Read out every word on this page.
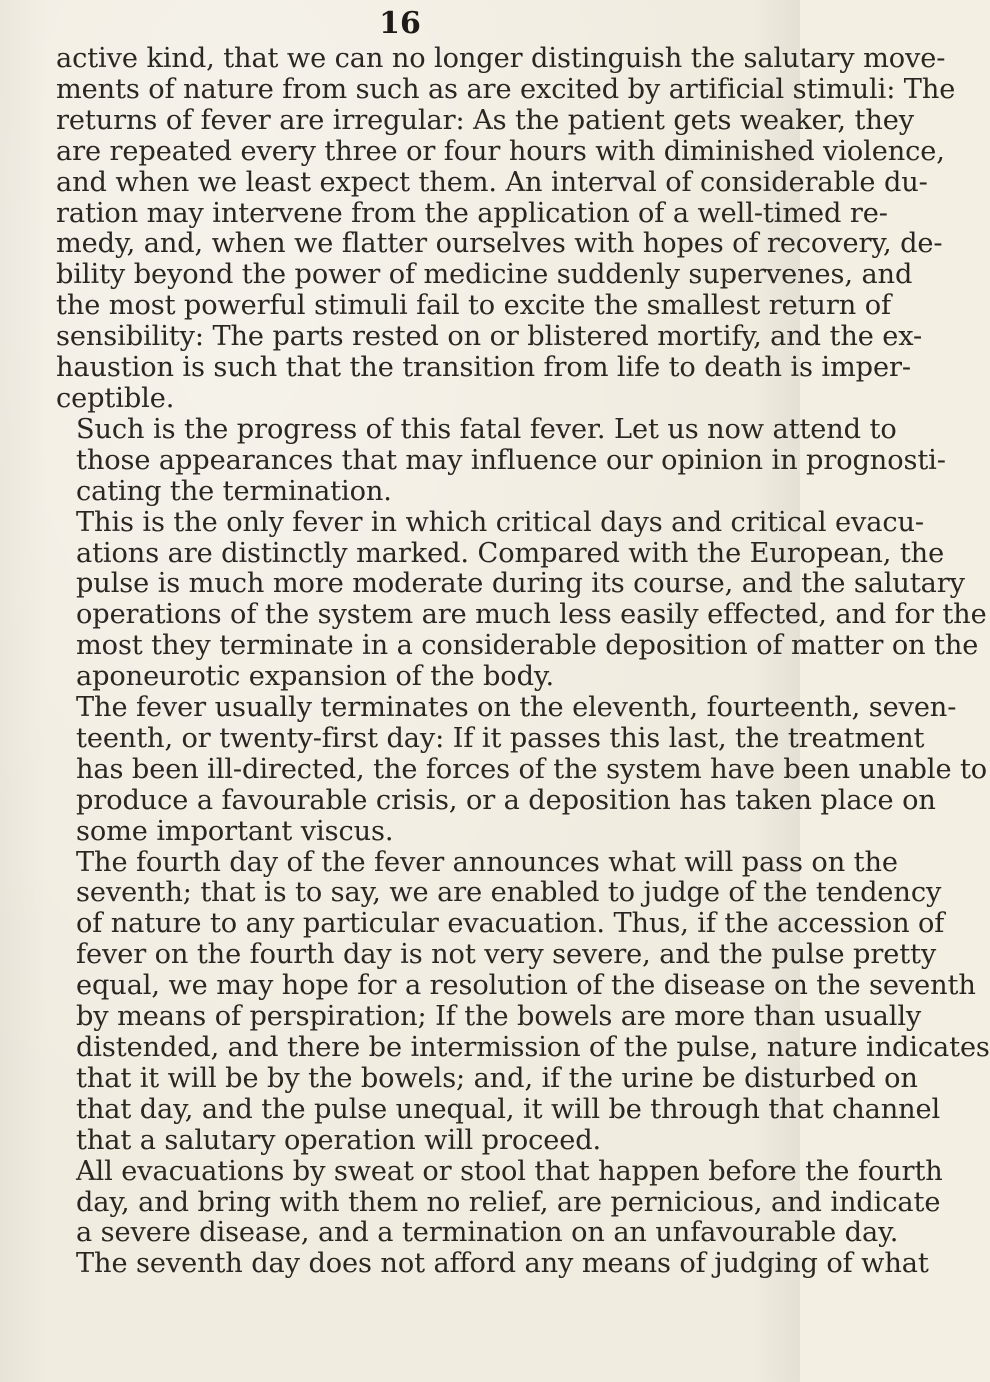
16

active kind, that we can no longer distinguish the salutary move-
ments of nature from such as are excited by artificial stimuli: The
returns of fever are irregular: As the patient gets weaker, they
are repeated every three or four hours with diminished violence,
and when we least expect them. An interval of considerable du-
ration may intervene from the application of a well-timed re-
medy, and, when we flatter ourselves with hopes of recovery, de-
bility beyond the power of medicine suddenly supervenes, and
the most powerful stimuli fail to excite the smallest return of
sensibility: The parts rested on or blistered mortify, and the ex-
haustion is such that the transition from life to death is imper-
ceptible.

Such is the progress of this fatal fever. Let us now attend to
those appearances that may influence our opinion in prognosti-
cating the termination.

This is the only fever in which critical days and critical evacu-
ations are distinctly marked. Compared with the European, the
pulse is much more moderate during its course, and the salutary
operations of the system are much less easily effected, and for the
most they terminate in a considerable deposition of matter on the
aponeurotic expansion of the body.

The fever usually terminates on the eleventh, fourteenth, seven-
teenth, or twenty-first day: If it passes this last, the treatment
has been ill-directed, the forces of the system have been unable to
produce a favourable crisis, or a deposition has taken place on
some important viscus.

The fourth day of the fever announces what will pass on the
seventh; that is to say, we are enabled to judge of the tendency
of nature to any particular evacuation. Thus, if the accession of
fever on the fourth day is not very severe, and the pulse pretty
equal, we may hope for a resolution of the disease on the seventh
by means of perspiration; If the bowels are more than usually
distended, and there be intermission of the pulse, nature indicates
that it will be by the bowels; and, if the urine be disturbed on
that day, and the pulse unequal, it will be through that channel
that a salutary operation will proceed.

All evacuations by sweat or stool that happen before the fourth
day, and bring with them no relief, are pernicious, and indicate
a severe disease, and a termination on an unfavourable day.

The seventh day does not afford any means of judging of what
